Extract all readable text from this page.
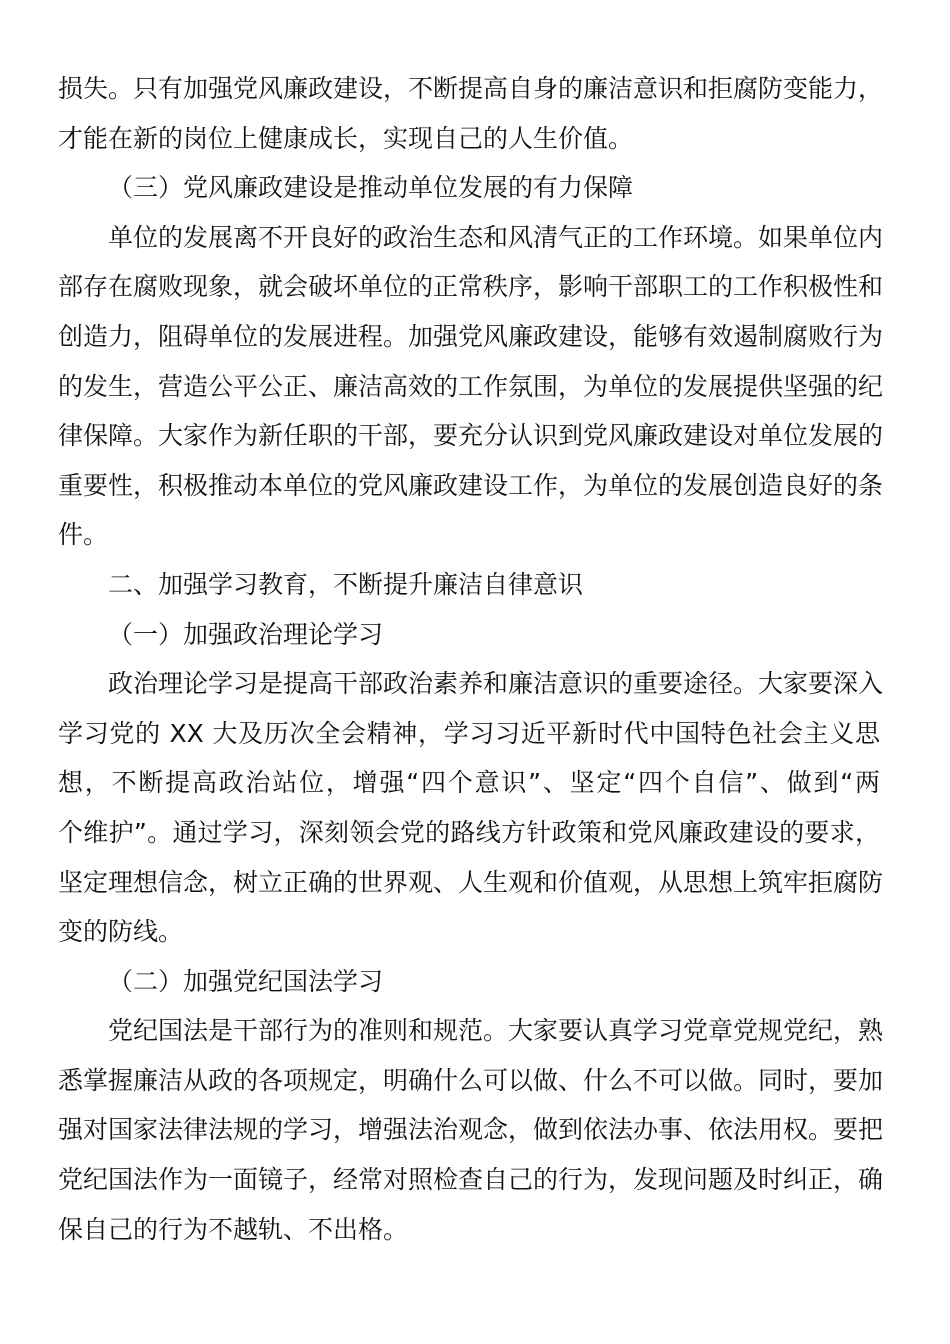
损失。只有加强党风廉政建设，不断提高自身的廉洁意识和拒腐防变能力，
才能在新的岗位上健康成长，实现自己的人生价值。
（三）党风廉政建设是推动单位发展的有力保障
单位的发展离不开良好的政治生态和风清气正的工作环境。如果单位内
部存在腐败现象，就会破坏单位的正常秩序，影响干部职工的工作积极性和
创造力，阻碍单位的发展进程。加强党风廉政建设，能够有效遏制腐败行为
的发生，营造公平公正、廉洁高效的工作氛围，为单位的发展提供坚强的纪
律保障。大家作为新任职的干部，要充分认识到党风廉政建设对单位发展的
重要性，积极推动本单位的党风廉政建设工作，为单位的发展创造良好的条
件。
二、加强学习教育，不断提升廉洁自律意识
（一）加强政治理论学习
政治理论学习是提高干部政治素养和廉洁意识的重要途径。大家要深入
学习党的 XX 大及历次全会精神，学习习近平新时代中国特色社会主义思
想，不断提高政治站位，增强“四个意识”、坚定“四个自信”、做到“两
个维护”。通过学习，深刻领会党的路线方针政策和党风廉政建设的要求，
坚定理想信念，树立正确的世界观、人生观和价值观，从思想上筑牢拒腐防
变的防线。
（二）加强党纪国法学习
党纪国法是干部行为的准则和规范。大家要认真学习党章党规党纪，熟
悉掌握廉洁从政的各项规定，明确什么可以做、什么不可以做。同时，要加
强对国家法律法规的学习，增强法治观念，做到依法办事、依法用权。要把
党纪国法作为一面镜子，经常对照检查自己的行为，发现问题及时纠正，确
保自己的行为不越轨、不出格。
